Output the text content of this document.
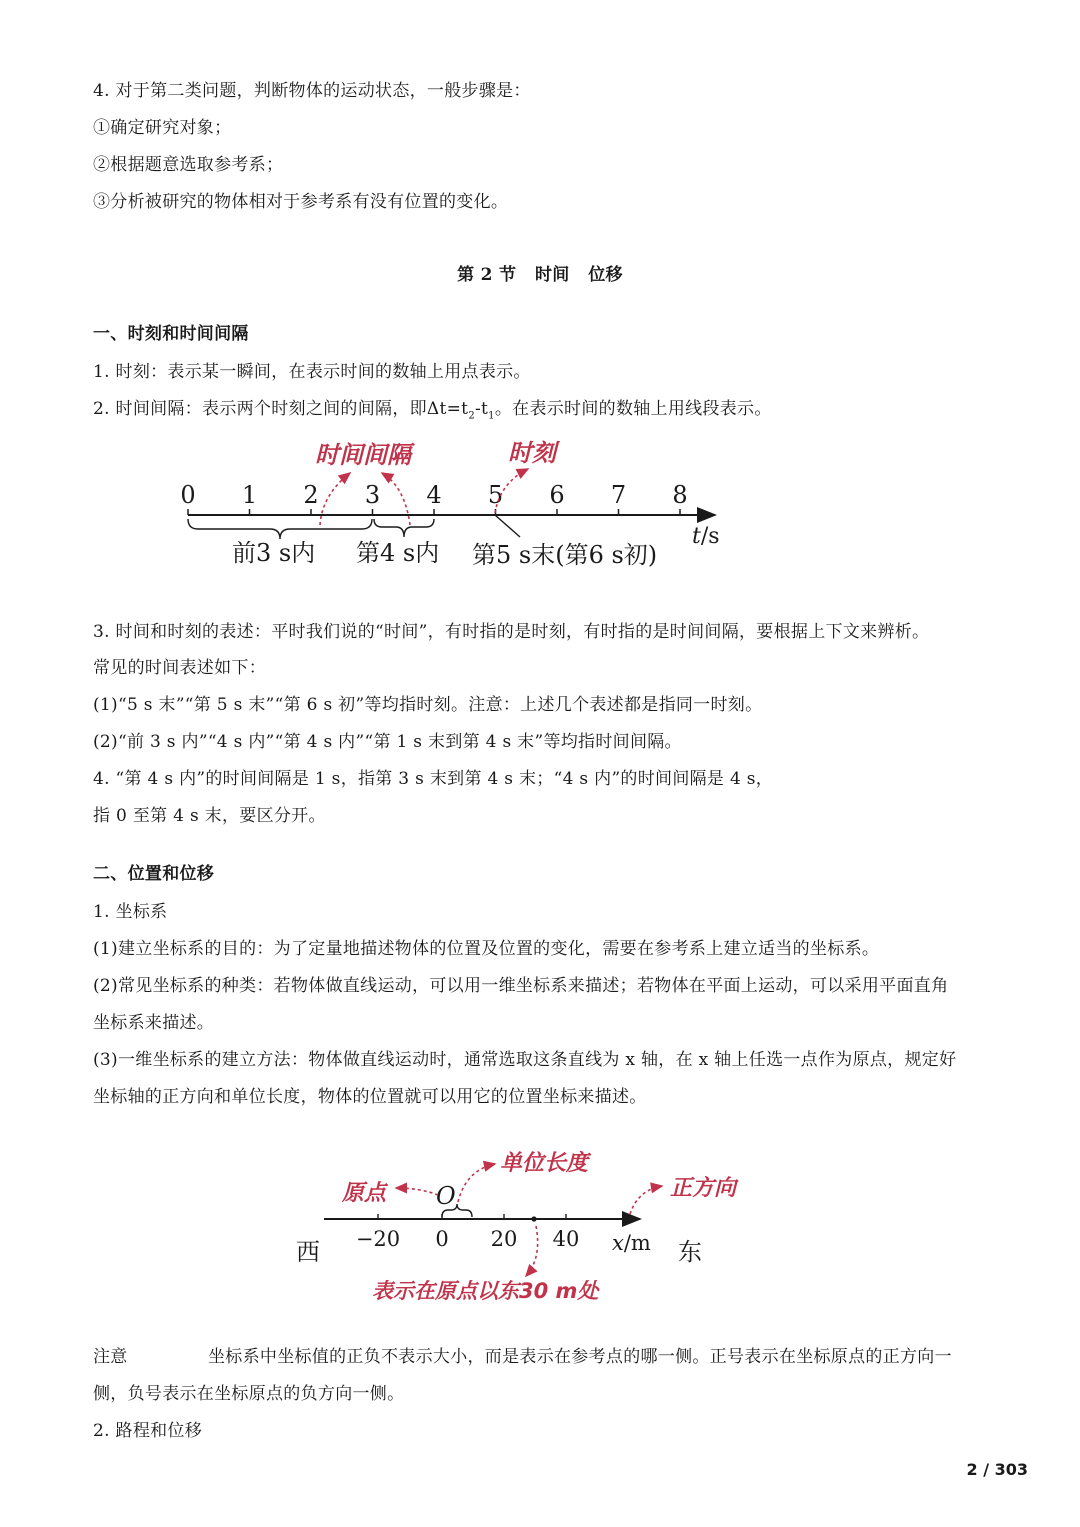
4. 对于第二类问题，判断物体的运动状态，一般步骤是：
①确定研究对象；
②根据题意选取参考系；
③分析被研究的物体相对于参考系有没有位置的变化。
第 2 节   时间   位移
一、时刻和时间间隔
1. 时刻：表示某一瞬间，在表示时间的数轴上用点表示。
2. 时间间隔：表示两个时刻之间的间隔，即$\Delta t=t_2-t_1$。在表示时间的数轴上用线段表示。
0 1 2 3 4 5 6 7 8
t/s
前3 s内 第4 s内 第5 s末(第6 s初)
时间间隔	时刻
3. 时间和时刻的表述：平时我们说的“时间”，有时指的是时刻，有时指的是时间间隔，要根据上下文来辨析。
常见的时间表述如下：
(1)“5 s 末”“第 5 s 末”“第 6 s 初”等均指时刻。注意：上述几个表述都是指同一时刻。
(2)“前 3 s 内”“4 s 内”“第 4 s 内”“第 1 s 末到第 4 s 末”等均指时间间隔。
4. “第 4 s 内”的时间间隔是 1 s，指第 3 s 末到第 4 s 末；“4 s 内”的时间间隔是 4 s，
指 0 至第 4 s 末，要区分开。
二、位置和位移
1. 坐标系
(1)建立坐标系的目的：为了定量地描述物体的位置及位置的变化，需要在参考系上建立适当的坐标系。
(2)常见坐标系的种类：若物体做直线运动，可以用一维坐标系来描述；若物体在平面上运动，可以采用平面直角
坐标系来描述。
(3)一维坐标系的建立方法：物体做直线运动时，通常选取这条直线为 x 轴，在 x 轴上任选一点作为原点，规定好
坐标轴的正方向和单位长度，物体的位置就可以用它的位置坐标来描述。
−20 0 20 40
O
西	东
x/m
原点
单位长度
正方向
表示在原点以东30 m处
注意	坐标系中坐标值的正负不表示大小，而是表示在参考点的哪一侧。正号表示在坐标原点的正方向一
侧，负号表示在坐标原点的负方向一侧。
2. 路程和位移
2 / 303
